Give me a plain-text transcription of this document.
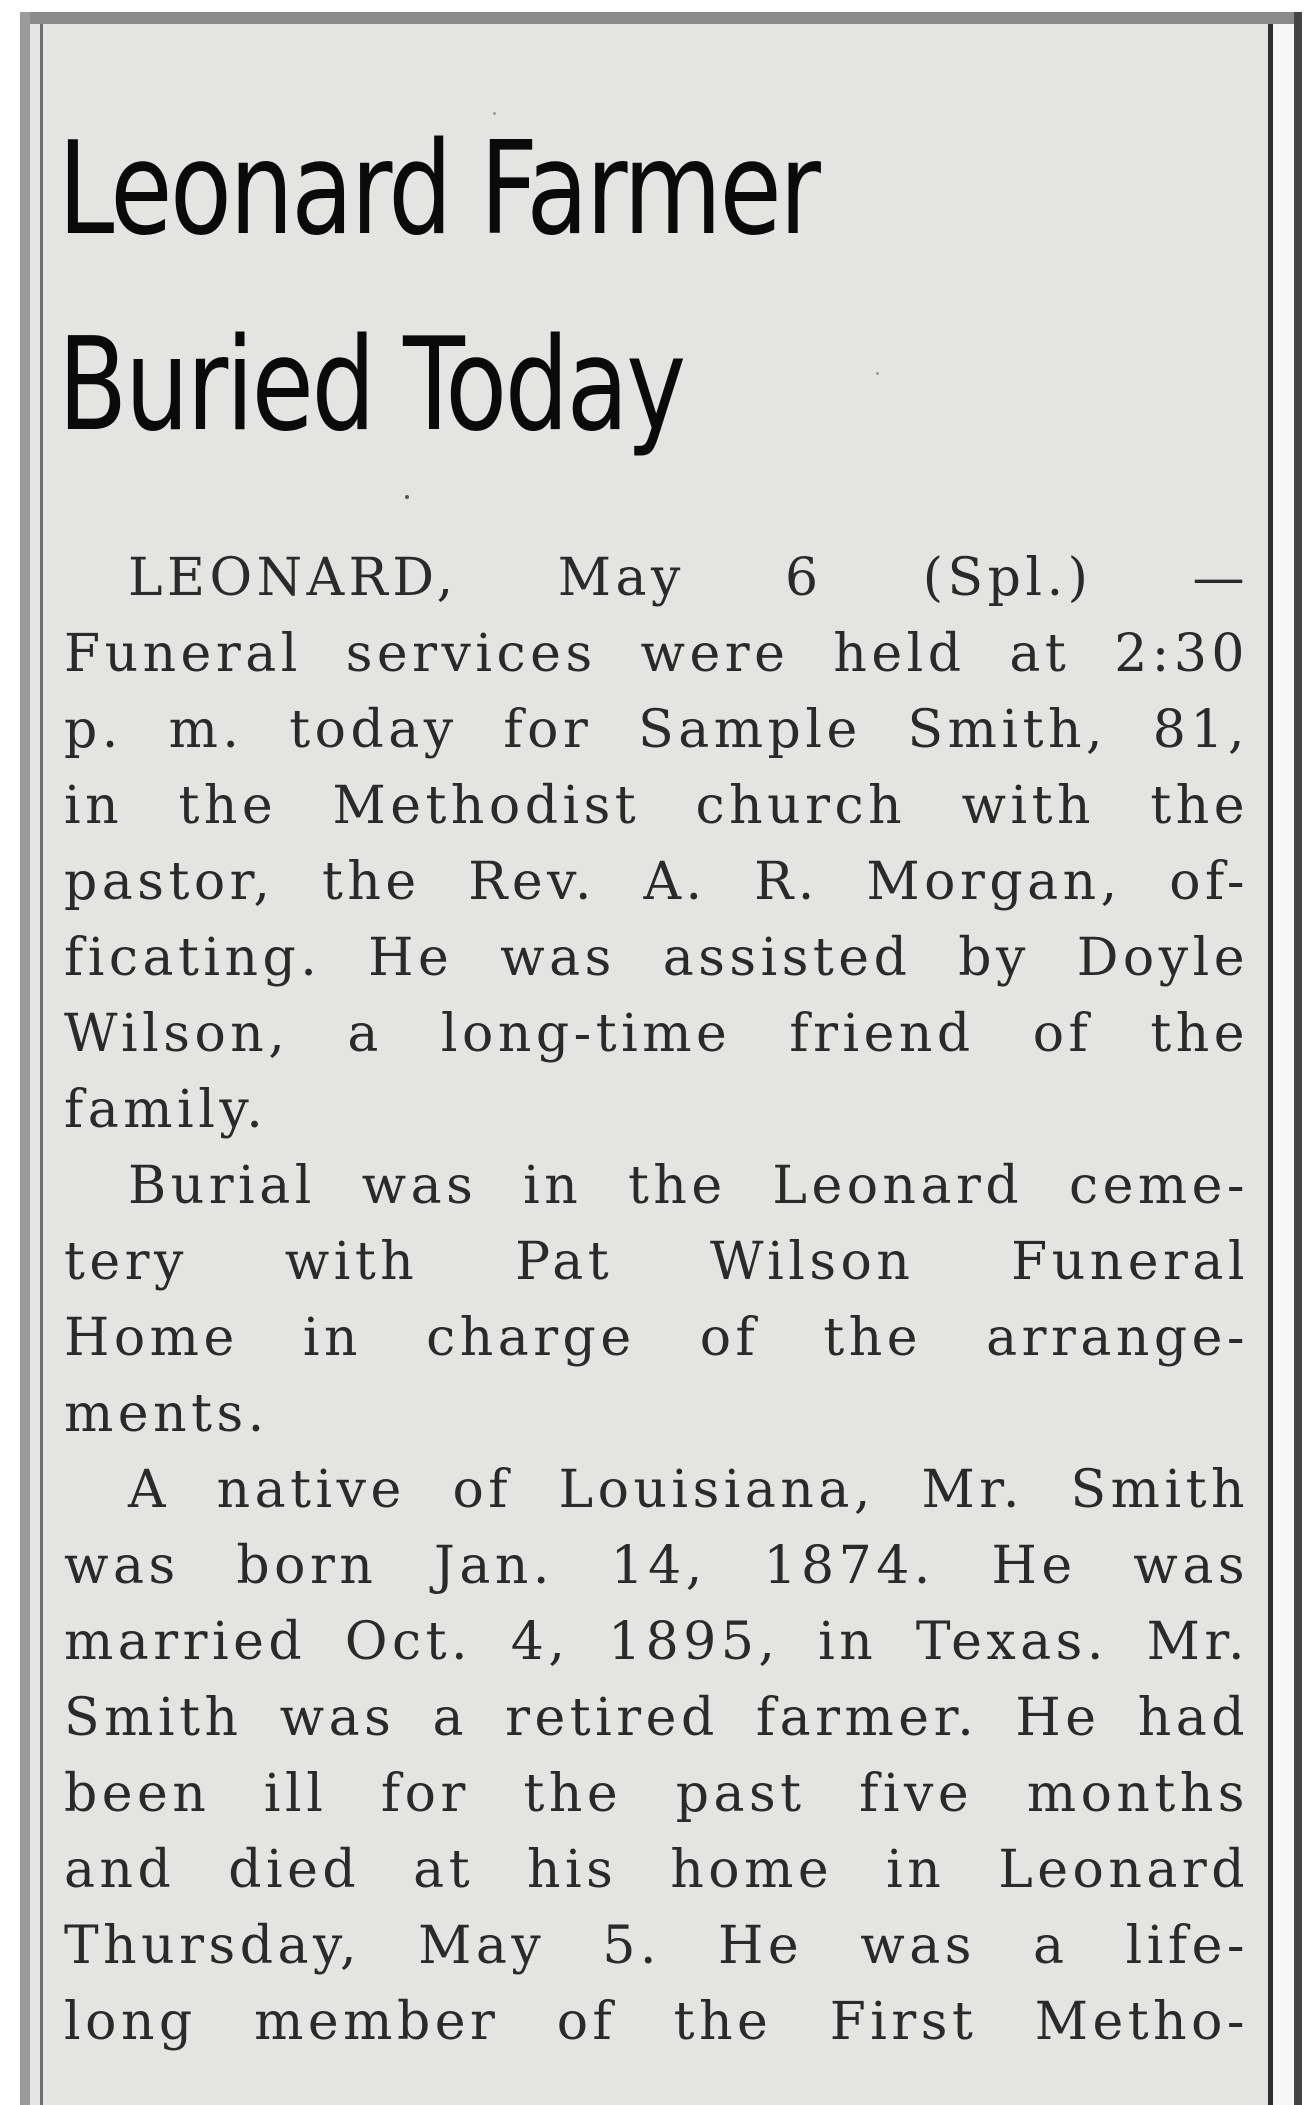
Leonard Farmer
Buried Today
LEONARD, May 6 (Spl.) —
Funeral services were held at 2:30
p. m. today for Sample Smith, 81,
in the Methodist church with the
pastor, the Rev. A. R. Morgan, of-
ficating. He was assisted by Doyle
Wilson, a long-time friend of the
family.
Burial was in the Leonard ceme-
tery with Pat Wilson Funeral
Home in charge of the arrange-
ments.
A native of Louisiana, Mr. Smith
was born Jan. 14, 1874. He was
married Oct. 4, 1895, in Texas. Mr.
Smith was a retired farmer. He had
been ill for the past five months
and died at his home in Leonard
Thursday, May 5. He was a life-
long member of the First Metho-
